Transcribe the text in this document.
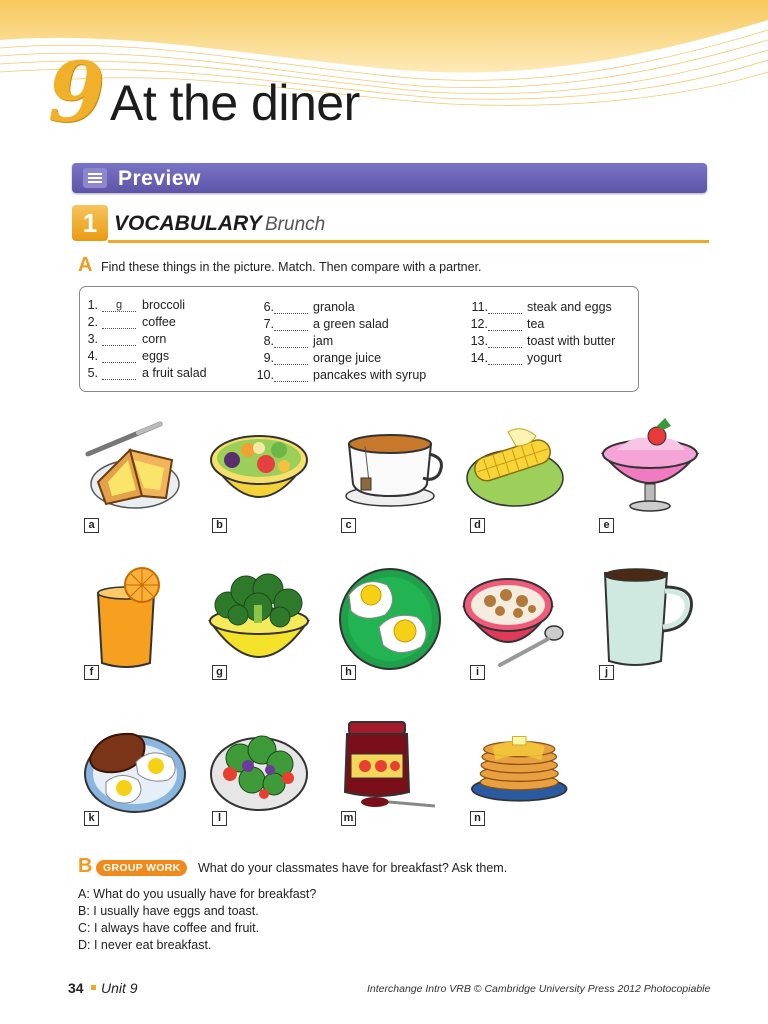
9 At the diner
Preview
1 VOCABULARY Brunch
A Find these things in the picture. Match. Then compare with a partner.
1.	g	broccoli
2.	coffee
3.	corn
4.	eggs
5.	a fruit salad
6.	granola
7.	a green salad
8.	jam
9.	orange juice
10.	pancakes with syrup
11.	steak and eggs
12.	tea
13.	toast with butter
14.	yogurt
a	b	c	d	e
f	g	h	i	j
k	l	m	n
B	GROUP WORK	What do your classmates have for breakfast? Ask them.
A: What do you usually have for breakfast?
B: I usually have eggs and toast.
C: I always have coffee and fruit.
D: I never eat breakfast.
34 Unit 9	Interchange Intro VRB © Cambridge University Press 2012 Photocopiable
